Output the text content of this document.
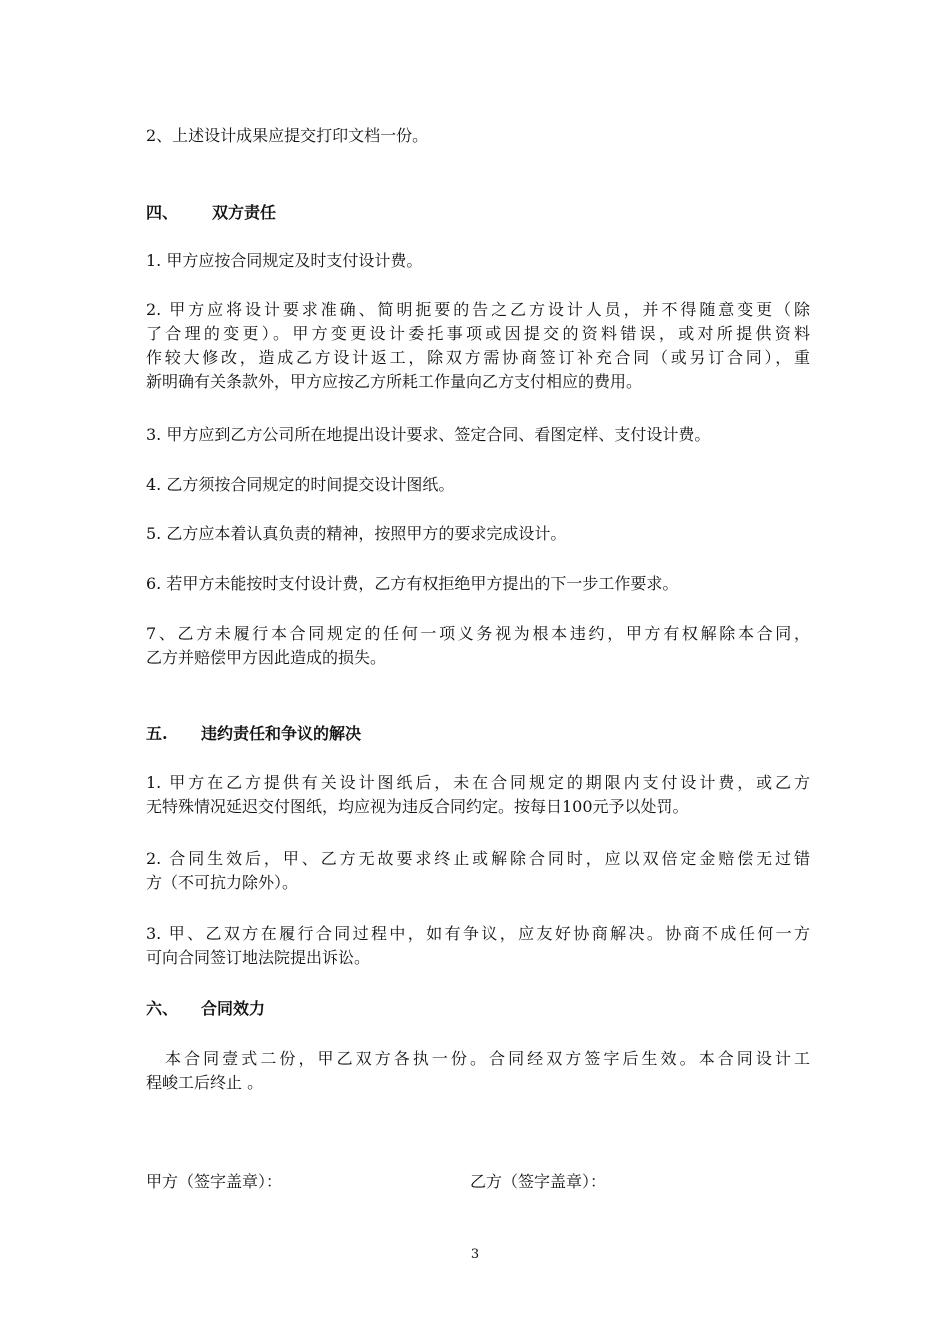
2、上述设计成果应提交打印文档一份。

四、 双方责任

1. 甲方应按合同规定及时支付设计费。

2. 甲方应将设计要求准确、简明扼要的告之乙方设计人员，并不得随意变更（除
了合理的变更）。甲方变更设计委托事项或因提交的资料错误，或对所提供资料
作较大修改，造成乙方设计返工，除双方需协商签订补充合同（或另订合同），重
新明确有关条款外，甲方应按乙方所耗工作量向乙方支付相应的费用。

3. 甲方应到乙方公司所在地提出设计要求、签定合同、看图定样、支付设计费。

4. 乙方须按合同规定的时间提交设计图纸。

5. 乙方应本着认真负责的精神，按照甲方的要求完成设计。

6. 若甲方未能按时支付设计费，乙方有权拒绝甲方提出的下一步工作要求。

7、乙方未履行本合同规定的任何一项义务视为根本违约，甲方有权解除本合同，
乙方并赔偿甲方因此造成的损失。

五. 违约责任和争议的解决

1. 甲方在乙方提供有关设计图纸后，未在合同规定的期限内支付设计费，或乙方
无特殊情况延迟交付图纸，均应视为违反合同约定。按每日100元予以处罚。

2. 合同生效后，甲、乙方无故要求终止或解除合同时，应以双倍定金赔偿无过错
方（不可抗力除外）。

3. 甲、乙双方在履行合同过程中，如有争议，应友好协商解决。协商不成任何一方
可向合同签订地法院提出诉讼。

六、 合同效力

　本合同壹式二份，甲乙双方各执一份。合同经双方签字后生效。本合同设计工
程峻工后终止 。

甲方（签字盖章）：	乙方（签字盖章）：
3
